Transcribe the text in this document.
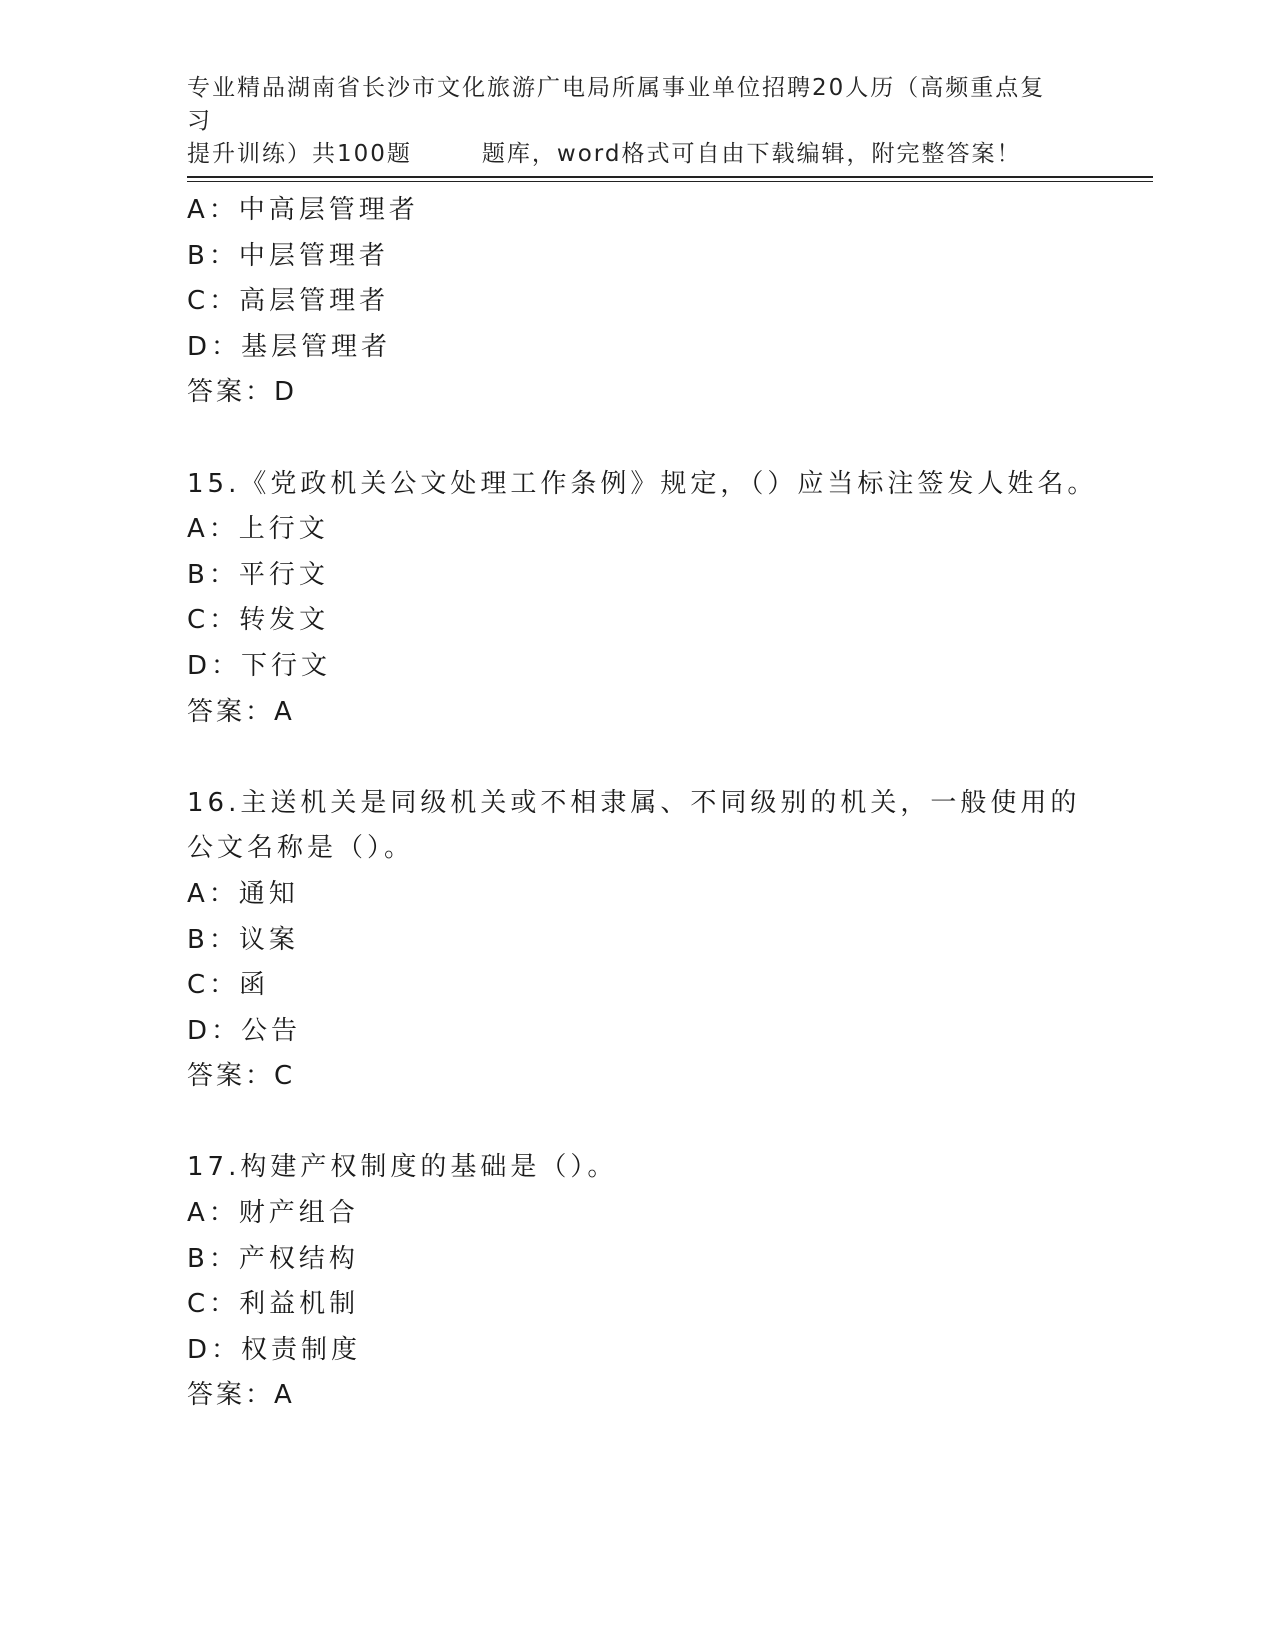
专业精品湖南省长沙市文化旅游广电局所属事业单位招聘20人历（高频重点复习
提升训练）共100题	题库，word格式可自由下载编辑，附完整答案！
A：中高层管理者
B：中层管理者
C：高层管理者
D：基层管理者
答案：D
15.《党政机关公文处理工作条例》规定，（）应当标注签发人姓名。
A：上行文
B：平行文
C：转发文
D：下行文
答案：A
16.主送机关是同级机关或不相隶属、不同级别的机关，一般使用的公文名称是（）。
A：通知
B：议案
C：函
D：公告
答案：C
17.构建产权制度的基础是（）。
A：财产组合
B：产权结构
C：利益机制
D：权责制度
答案：A
